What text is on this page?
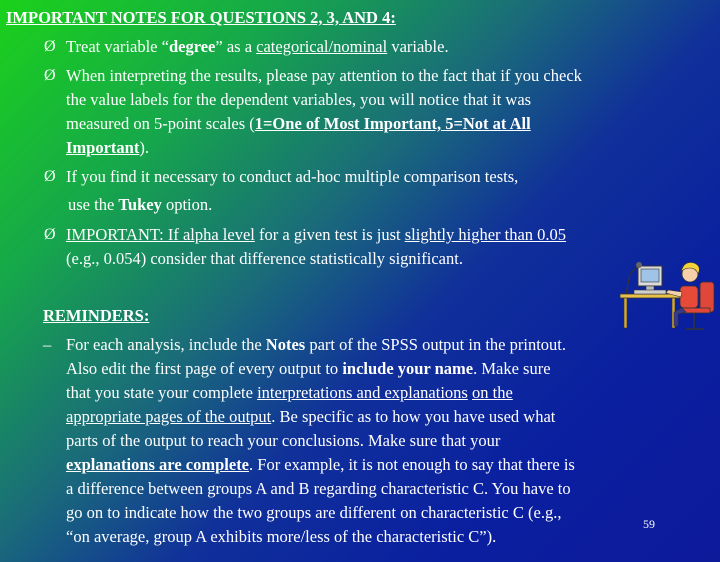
IMPORTANT NOTES FOR QUESTIONS 2, 3, AND 4:
Ø Treat variable “degree” as a categorical/nominal variable.
Ø When interpreting the results, please pay attention to the fact that if you check
the value labels for the dependent variables, you will notice that it was
measured on 5-point scales (1=One of Most Important, 5=Not at All
Important).
Ø If you find it necessary to conduct ad-hoc multiple comparison tests,
use the Tukey option.
Ø IMPORTANT: If alpha level for a given test is just slightly higher than 0.05
(e.g., 0.054) consider that difference statistically significant.
REMINDERS:
– For each analysis, include the Notes part of the SPSS output in the printout.
Also edit the first page of every output to include your name. Make sure
that you state your complete interpretations and explanations on the
appropriate pages of the output. Be specific as to how you have used what
parts of the output to reach your conclusions. Make sure that your
explanations are complete. For example, it is not enough to say that there is
a difference between groups A and B regarding characteristic C. You have to
go on to indicate how the two groups are different on characteristic C (e.g.,
“on average, group A exhibits more/less of the characteristic C”).
59
